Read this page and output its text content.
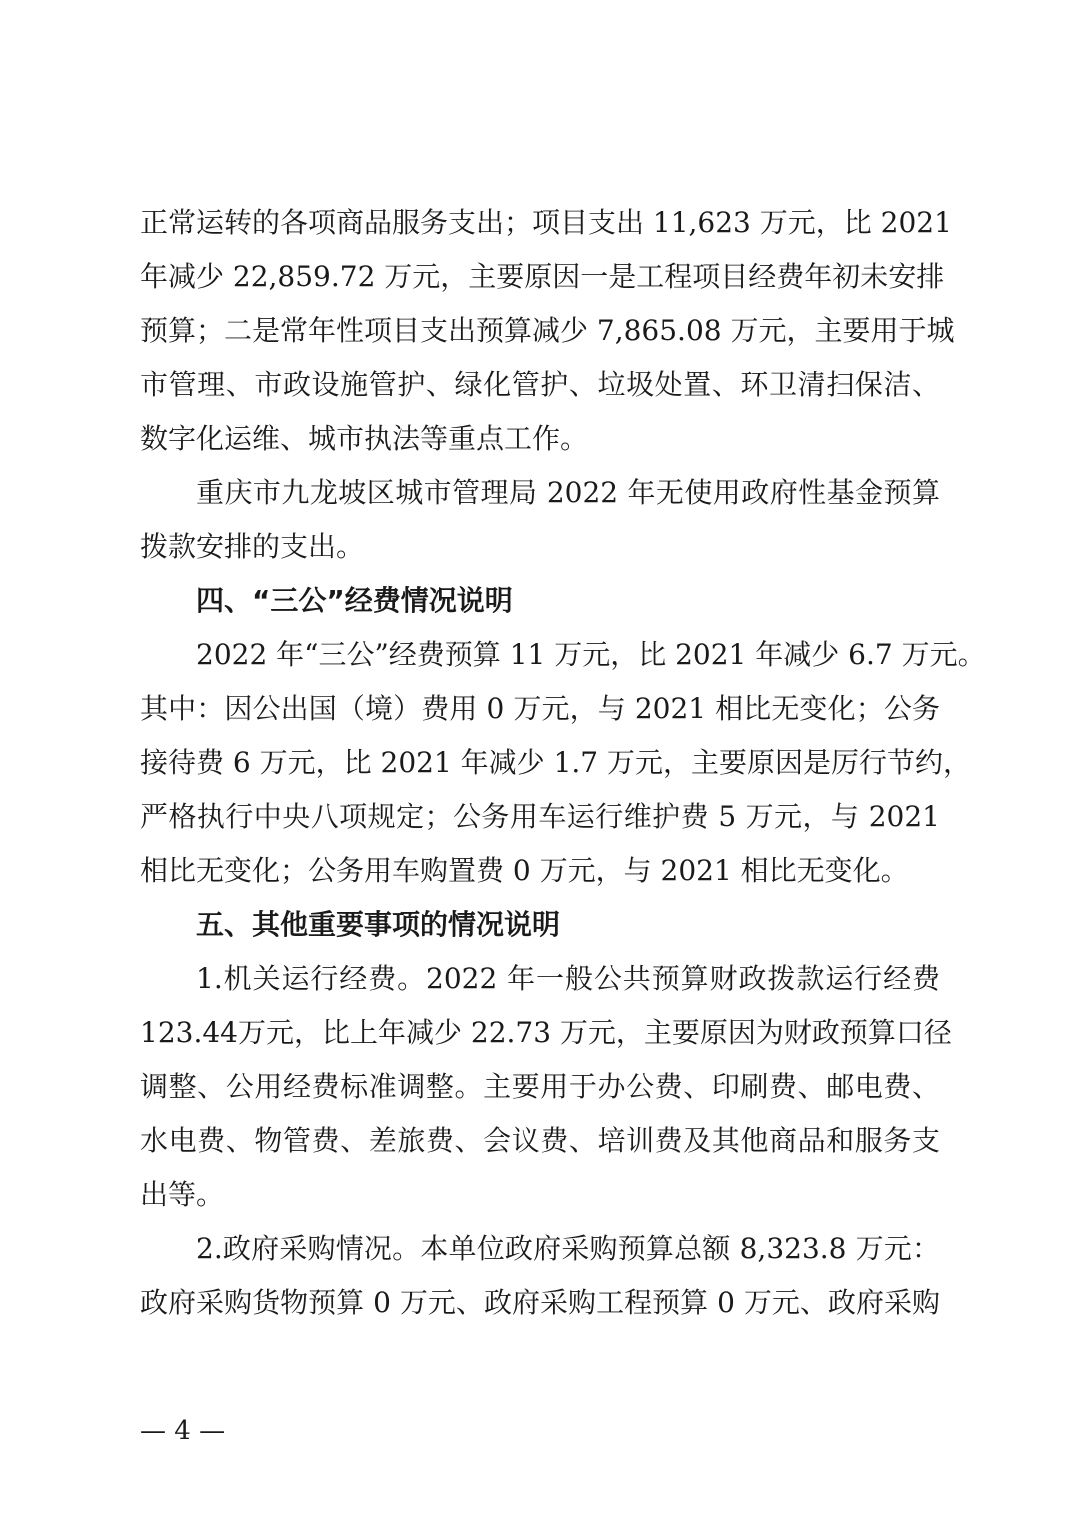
正常运转的各项商品服务支出；项目支出 11,623 万元，比 2021
年减少 22,859.72 万元，主要原因一是工程项目经费年初未安排
预算；二是常年性项目支出预算减少 7,865.08 万元，主要用于城
市管理、市政设施管护、绿化管护、垃圾处置、环卫清扫保洁、
数字化运维、城市执法等重点工作。
重庆市九龙坡区城市管理局 2022 年无使用政府性基金预算
拨款安排的支出。
四、“三公”经费情况说明
2022 年“三公”经费预算 11 万元，比 2021 年减少 6.7 万元。
其中：因公出国（境）费用 0 万元，与 2021 相比无变化；公务
接待费 6 万元，比 2021 年减少 1.7 万元，主要原因是厉行节约，
严格执行中央八项规定；公务用车运行维护费 5 万元，与 2021
相比无变化；公务用车购置费 0 万元，与 2021 相比无变化。
五、其他重要事项的情况说明
1.机关运行经费。2022 年一般公共预算财政拨款运行经费
123.44万元，比上年减少 22.73 万元，主要原因为财政预算口径
调整、公用经费标准调整。主要用于办公费、印刷费、邮电费、
水电费、物管费、差旅费、会议费、培训费及其他商品和服务支
出等。
2.政府采购情况。本单位政府采购预算总额 8,323.8 万元：
政府采购货物预算 0 万元、政府采购工程预算 0 万元、政府采购
— 4 —
